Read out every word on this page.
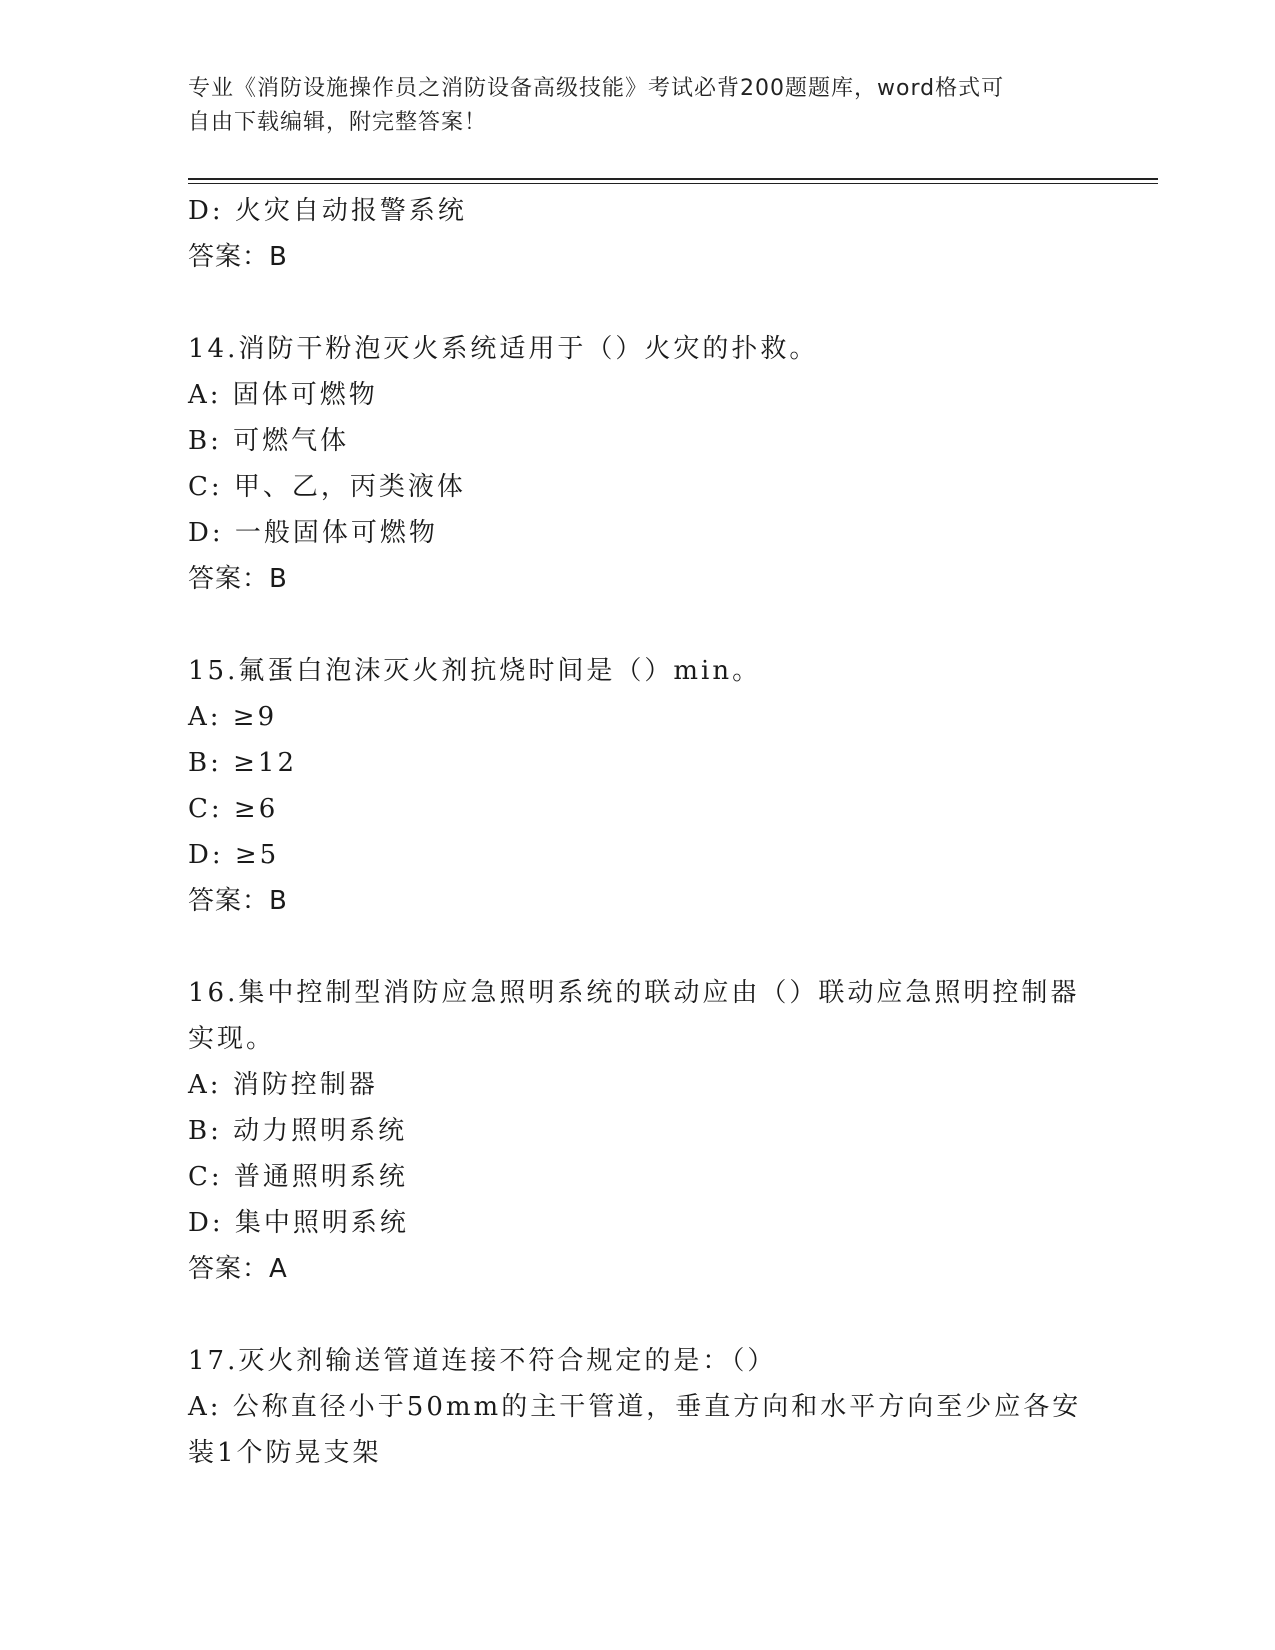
专业《消防设施操作员之消防设备高级技能》考试必背200题题库，word格式可
自由下载编辑，附完整答案！
D: 火灾自动报警系统
答案：B
14.消防干粉泡灭火系统适用于（）火灾的扑救。
A: 固体可燃物
B: 可燃气体
C: 甲、乙，丙类液体
D: 一般固体可燃物
答案：B
15.氟蛋白泡沫灭火剂抗烧时间是（）min。
A: ≥9
B: ≥12
C: ≥6
D: ≥5
答案：B
16.集中控制型消防应急照明系统的联动应由（）联动应急照明控制器
实现。
A: 消防控制器
B: 动力照明系统
C: 普通照明系统
D: 集中照明系统
答案：A
17.灭火剂输送管道连接不符合规定的是：（）
A: 公称直径小于50mm的主干管道，垂直方向和水平方向至少应各安
装1个防晃支架
